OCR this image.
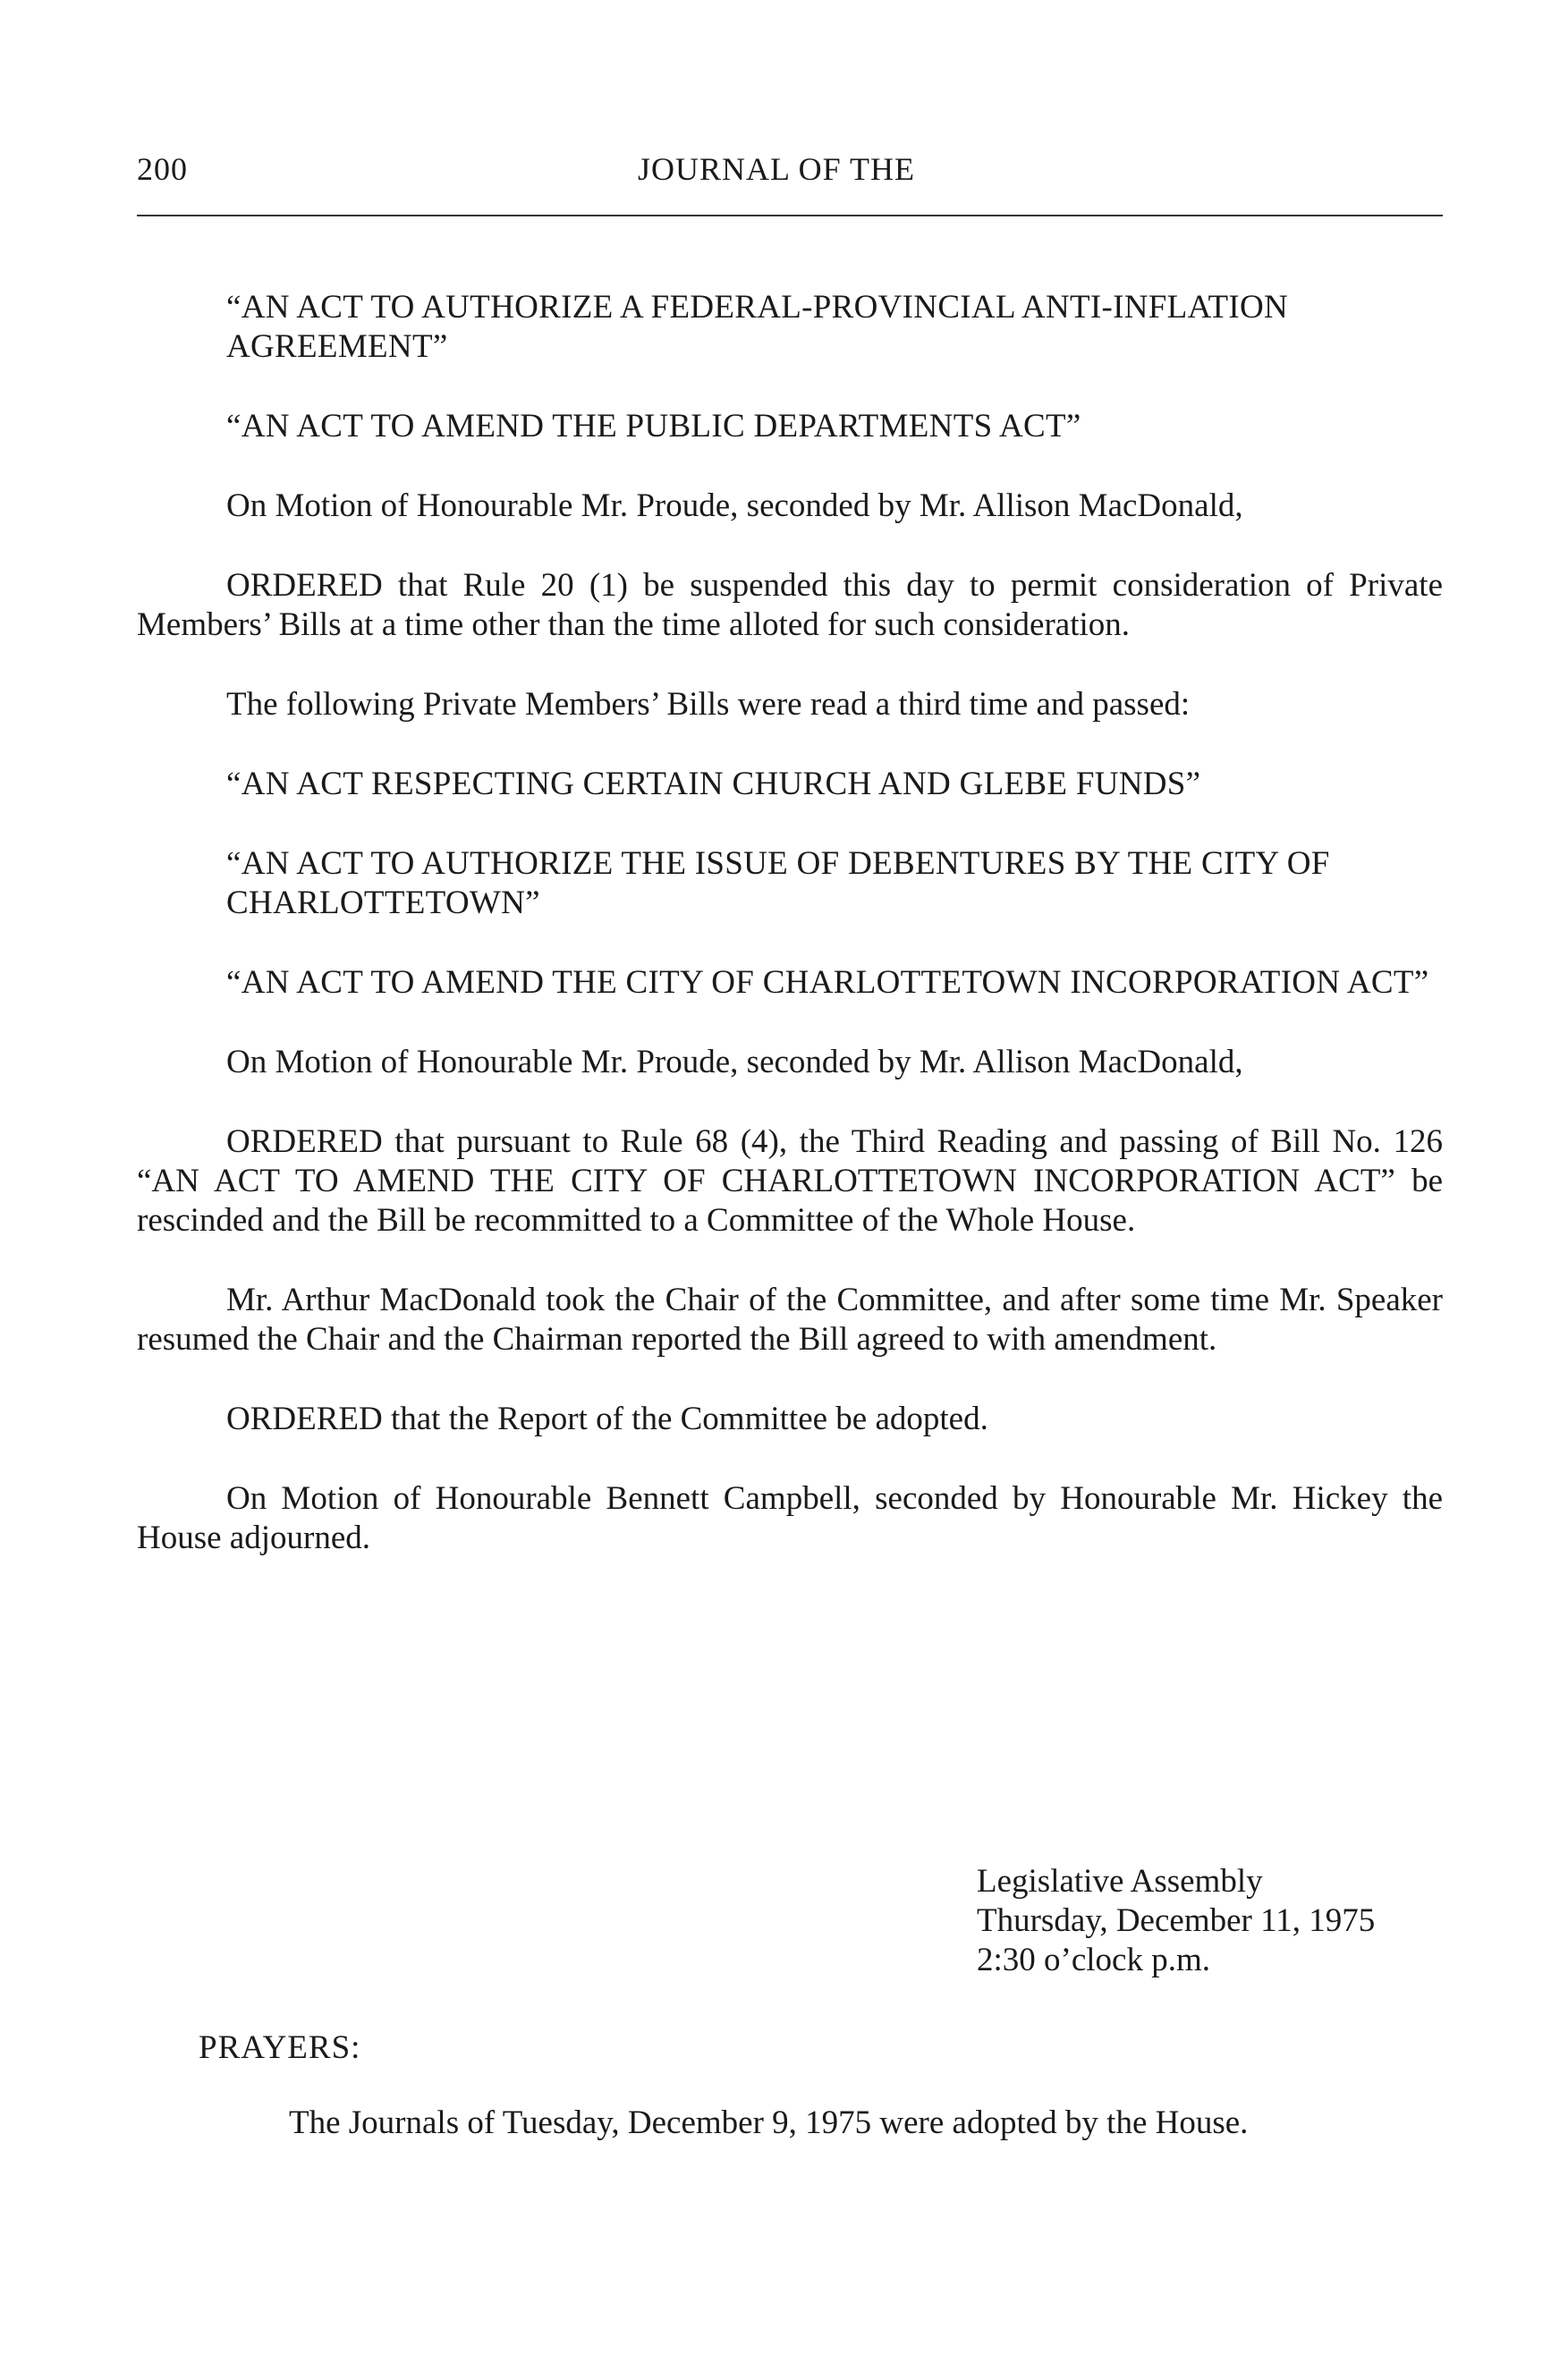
200	JOURNAL OF THE

“AN ACT TO AUTHORIZE A FEDERAL-PROVINCIAL ANTI-INFLATION AGREEMENT”

“AN ACT TO AMEND THE PUBLIC DEPARTMENTS ACT”

On Motion of Honourable Mr. Proude, seconded by Mr. Allison MacDonald,

ORDERED that Rule 20 (1) be suspended this day to permit consideration of Private Members’ Bills at a time other than the time alloted for such consideration.

The following Private Members’ Bills were read a third time and passed:

“AN ACT RESPECTING CERTAIN CHURCH AND GLEBE FUNDS”

“AN ACT TO AUTHORIZE THE ISSUE OF DEBENTURES BY THE CITY OF CHARLOTTETOWN”

“AN ACT TO AMEND THE CITY OF CHARLOTTETOWN INCORPORATION ACT”

On Motion of Honourable Mr. Proude, seconded by Mr. Allison MacDonald,

ORDERED that pursuant to Rule 68 (4), the Third Reading and passing of Bill No. 126 “AN ACT TO AMEND THE CITY OF CHARLOTTETOWN INCORPORATION ACT” be rescinded and the Bill be recommitted to a Committee of the Whole House.

Mr. Arthur MacDonald took the Chair of the Committee, and after some time Mr. Speaker resumed the Chair and the Chairman reported the Bill agreed to with amendment.

ORDERED that the Report of the Committee be adopted.

On Motion of Honourable Bennett Campbell, seconded by Honourable Mr. Hickey the House adjourned.

Legislative Assembly
Thursday, December 11, 1975
2:30 o’clock p.m.
PRAYERS:
The Journals of Tuesday, December 9, 1975 were adopted by the House.
